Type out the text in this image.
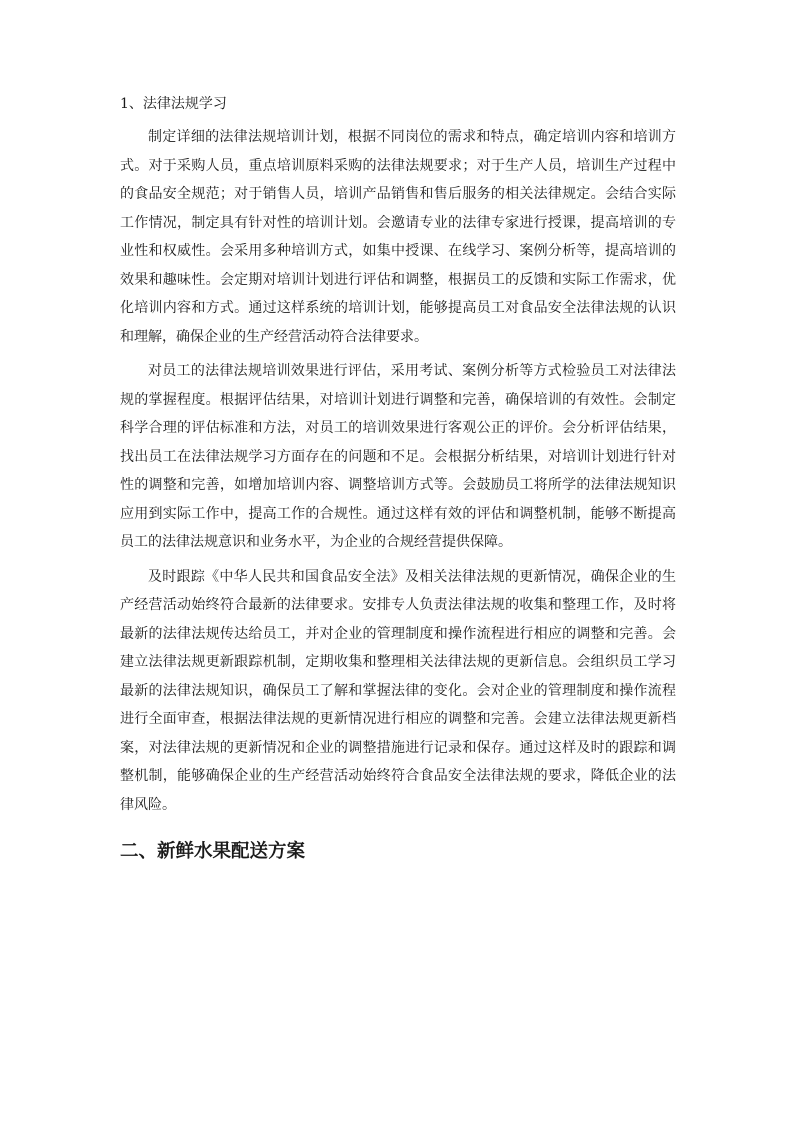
1、法律法规学习

制定详细的法律法规培训计划，根据不同岗位的需求和特点，确定培训内容和培训方式。对于采购人员，重点培训原料采购的法律法规要求；对于生产人员，培训生产过程中的食品安全规范；对于销售人员，培训产品销售和售后服务的相关法律规定。会结合实际工作情况，制定具有针对性的培训计划。会邀请专业的法律专家进行授课，提高培训的专业性和权威性。会采用多种培训方式，如集中授课、在线学习、案例分析等，提高培训的效果和趣味性。会定期对培训计划进行评估和调整，根据员工的反馈和实际工作需求，优化培训内容和方式。通过这样系统的培训计划，能够提高员工对食品安全法律法规的认识和理解，确保企业的生产经营活动符合法律要求。

对员工的法律法规培训效果进行评估，采用考试、案例分析等方式检验员工对法律法规的掌握程度。根据评估结果，对培训计划进行调整和完善，确保培训的有效性。会制定科学合理的评估标准和方法，对员工的培训效果进行客观公正的评价。会分析评估结果，找出员工在法律法规学习方面存在的问题和不足。会根据分析结果，对培训计划进行针对性的调整和完善，如增加培训内容、调整培训方式等。会鼓励员工将所学的法律法规知识应用到实际工作中，提高工作的合规性。通过这样有效的评估和调整机制，能够不断提高员工的法律法规意识和业务水平，为企业的合规经营提供保障。

及时跟踪《中华人民共和国食品安全法》及相关法律法规的更新情况，确保企业的生产经营活动始终符合最新的法律要求。安排专人负责法律法规的收集和整理工作，及时将最新的法律法规传达给员工，并对企业的管理制度和操作流程进行相应的调整和完善。会建立法律法规更新跟踪机制，定期收集和整理相关法律法规的更新信息。会组织员工学习最新的法律法规知识，确保员工了解和掌握法律的变化。会对企业的管理制度和操作流程进行全面审查，根据法律法规的更新情况进行相应的调整和完善。会建立法律法规更新档案，对法律法规的更新情况和企业的调整措施进行记录和保存。通过这样及时的跟踪和调整机制，能够确保企业的生产经营活动始终符合食品安全法律法规的要求，降低企业的法律风险。

二、新鲜水果配送方案
